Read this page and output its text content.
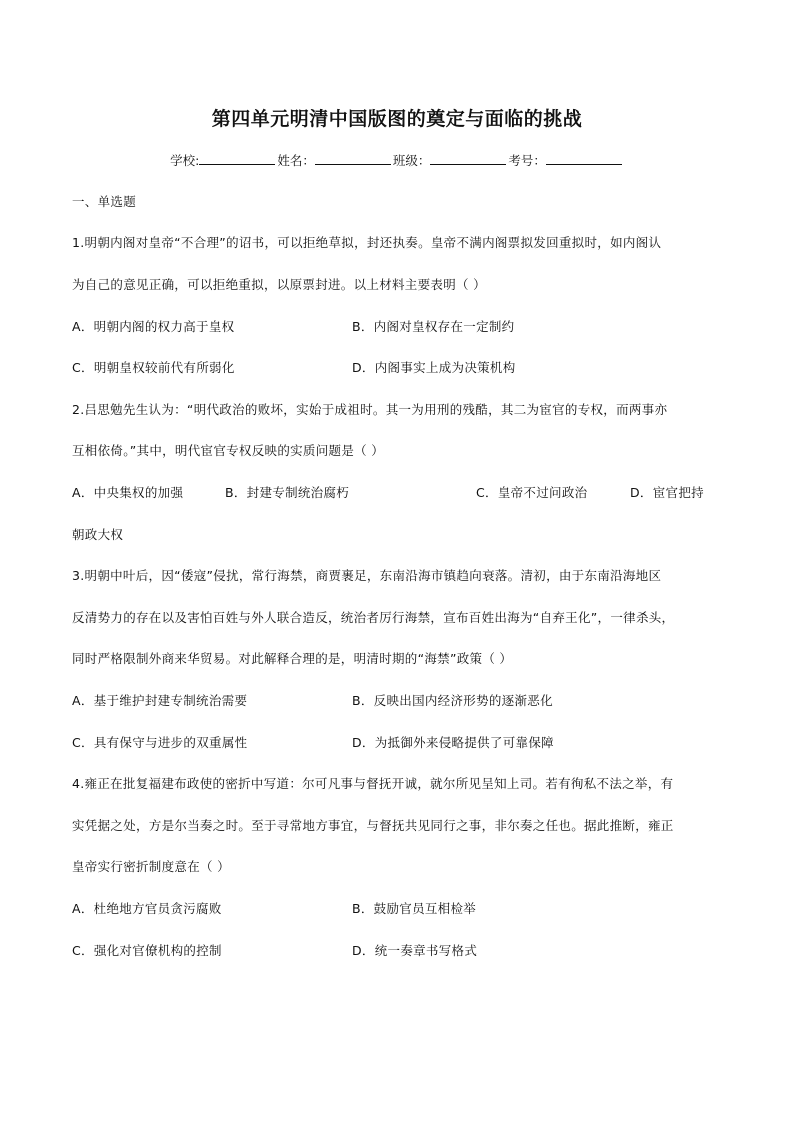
第四单元明清中国版图的奠定与面临的挑战
学校:	姓名：	班级：	考号：
一、单选题
1.明朝内阁对皇帝“不合理”的诏书，可以拒绝草拟，封还执奏。皇帝不满内阁票拟发回重拟时，如内阁认
为自己的意见正确，可以拒绝重拟，以原票封进。以上材料主要表明（ ）
A．明朝内阁的权力高于皇权	B．内阁对皇权存在一定制约
C．明朝皇权较前代有所弱化	D．内阁事实上成为决策机构
2.吕思勉先生认为：“明代政治的败坏，实始于成祖时。其一为用刑的残酷，其二为宦官的专权，而两事亦
互相依倚。”其中，明代宦官专权反映的实质问题是（ ）
A．中央集权的加强	B．封建专制统治腐朽	C．皇帝不过问政治	D．宦官把持
朝政大权
3.明朝中叶后，因“倭寇”侵扰，常行海禁，商贾裹足，东南沿海市镇趋向衰落。清初，由于东南沿海地区
反清势力的存在以及害怕百姓与外人联合造反，统治者厉行海禁，宣布百姓出海为“自弃王化”，一律杀头，
同时严格限制外商来华贸易。对此解释合理的是，明清时期的“海禁”政策（ ）
A．基于维护封建专制统治需要	B．反映出国内经济形势的逐渐恶化
C．具有保守与进步的双重属性	D．为抵御外来侵略提供了可靠保障
4.雍正在批复福建布政使的密折中写道：尔可凡事与督抚开诚，就尔所见呈知上司。若有徇私不法之举，有
实凭据之处，方是尔当奏之时。至于寻常地方事宜，与督抚共见同行之事，非尔奏之任也。据此推断，雍正
皇帝实行密折制度意在（ ）
A．杜绝地方官员贪污腐败	B．鼓励官员互相检举
C．强化对官僚机构的控制	D．统一奏章书写格式
